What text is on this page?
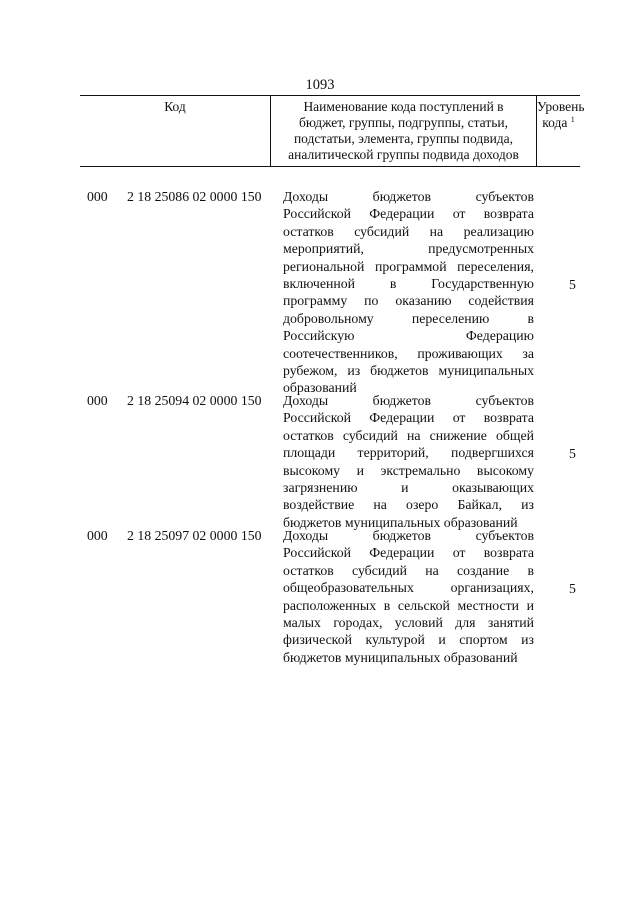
1093
Код	Наименование кода поступлений в
бюджет, группы, подгруппы, статьи,
подстатьи, элемента, группы подвида,
аналитической группы подвида доходов
Уровень
кода $^1$
000 2 18 25086 02 0000 150 Доходы бюджетов субъектов
Российской Федерации от возврата
остатков субсидий на реализацию
мероприятий, предусмотренных
региональной программой переселения,
включенной в Государственную
программу по оказанию содействия
добровольному переселению в
Российскую Федерацию
соотечественников, проживающих за
рубежом, из бюджетов муниципальных
образований
5
000 2 18 25094 02 0000 150 Доходы бюджетов субъектов
Российской Федерации от возврата
остатков субсидий на снижение общей
площади территорий, подвергшихся
высокому и экстремально высокому
загрязнению и оказывающих
воздействие на озеро Байкал, из
бюджетов муниципальных образований
5
000 2 18 25097 02 0000 150 Доходы бюджетов субъектов
Российской Федерации от возврата
остатков субсидий на создание в
общеобразовательных организациях,
расположенных в сельской местности и
малых городах, условий для занятий
физической культурой и спортом из
бюджетов муниципальных образований
5
